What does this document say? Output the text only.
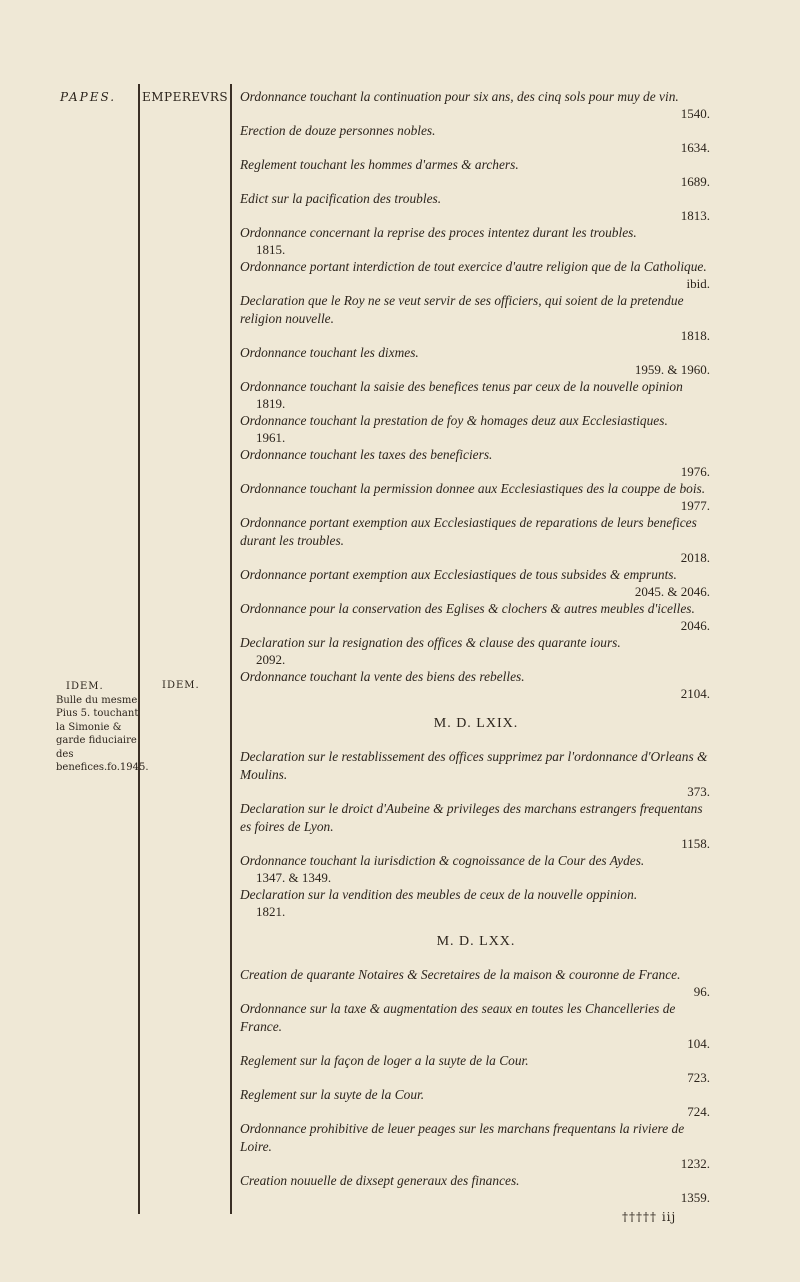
PAPES. EMPEREVRS
IDEM.
Bulle du mesme Pius 5. touchant la Simonie & garde fiduciaire des benefices.fo.1945.
IDEM.
Ordonnance touchant la continuation pour six ans, des cinq sols pour muy de vin.
1540.
Erection de douze personnes nobles.
1634.
Reglement touchant les hommes d'armes & archers.
1689.
Edict sur la pacification des troubles.
1813.
Ordonnance concernant la reprise des proces intentez durant les troubles.
1815.
Ordonnance portant interdiction de tout exercice d'autre religion que de la Catholique.
ibid.
Declaration que le Roy ne se veut servir de ses officiers, qui soient de la pretendue religion nouvelle.
1818.
Ordonnance touchant les dixmes.
1959. & 1960.
Ordonnance touchant la saisie des benefices tenus par ceux de la nouvelle opinion
1819.
Ordonnance touchant la prestation de foy & homages deuz aux Ecclesiastiques.
1961.
Ordonnance touchant les taxes des beneficiers.
1976.
Ordonnance touchant la permission donnee aux Ecclesiastiques des la couppe de bois.
1977.
Ordonnance portant exemption aux Ecclesiastiques de reparations de leurs benefices durant les troubles.
2018.
Ordonnance portant exemption aux Ecclesiastiques de tous subsides & emprunts.
2045. & 2046.
Ordonnance pour la conservation des Eglises & clochers & autres meubles d'icelles.
2046.
Declaration sur la resignation des offices & clause des quarante iours.
2092.
Ordonnance touchant la vente des biens des rebelles.
2104.
M. D. LXIX.
Declaration sur le restablissement des offices supprimez par l'ordonnance d'Orleans & Moulins.
373.
Declaration sur le droict d'Aubeine & privileges des marchans estrangers frequentans es foires de Lyon.
1158.
Ordonnance touchant la iurisdiction & cognoissance de la Cour des Aydes.
1347. & 1349.
Declaration sur la vendition des meubles de ceux de la nouvelle oppinion.
1821.
M. D. LXX.
Creation de quarante Notaires & Secretaires de la maison & couronne de France.
96.
Ordonnance sur la taxe & augmentation des seaux en toutes les Chancelleries de France.
104.
Reglement sur la façon de loger a la suyte de la Cour.
723.
Reglement sur la suyte de la Cour.
724.
Ordonnance prohibitive de leuer peages sur les marchans frequentans la riviere de Loire.
1232.
Creation nouuelle de dixsept generaux des finances.
1359.
††††† iij
